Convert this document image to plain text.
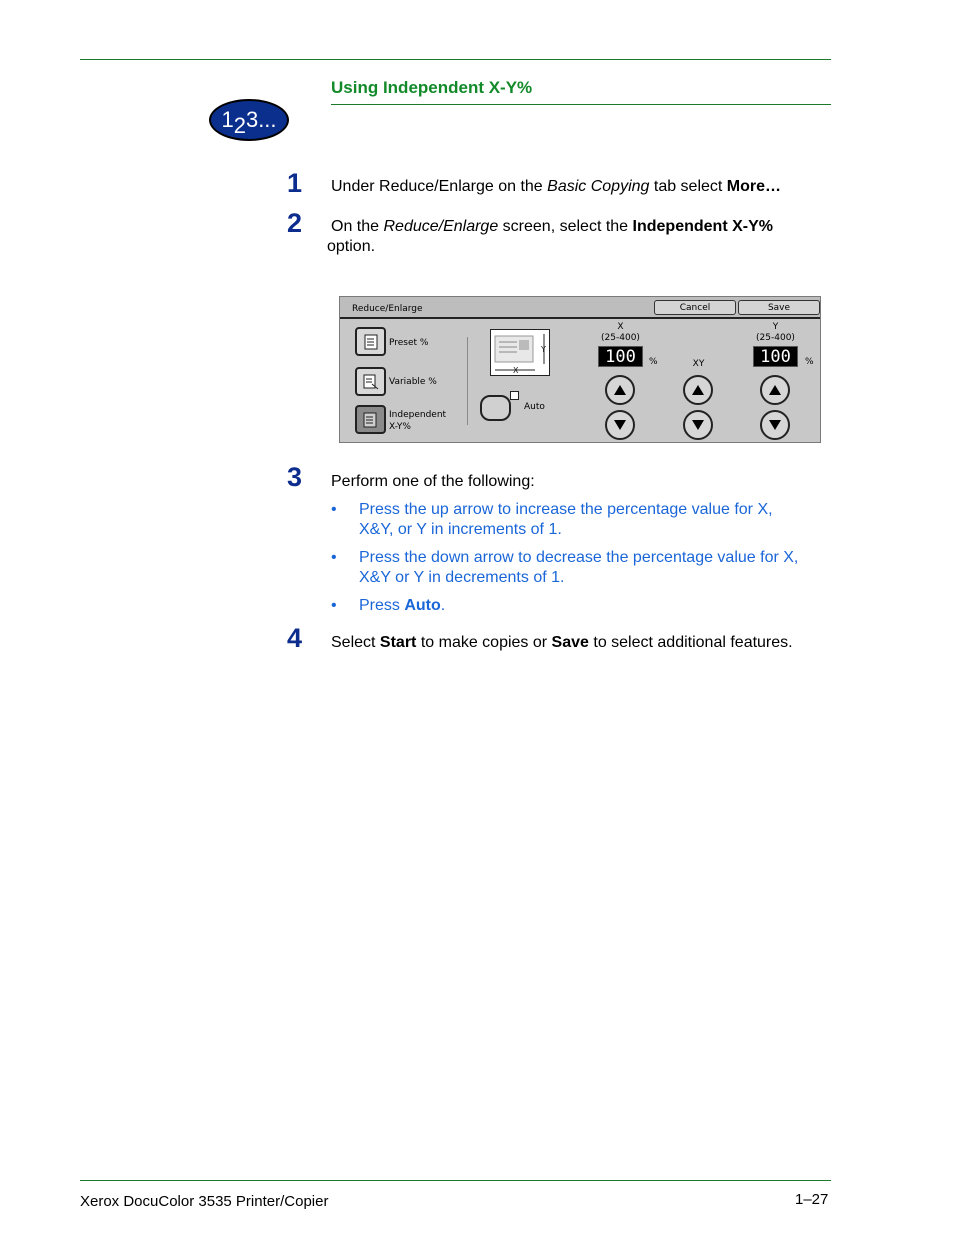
Using Independent X-Y%
1 2 3...
1 Under Reduce/Enlarge on the Basic Copying tab select More…
2 On the Reduce/Enlarge screen, select the Independent X-Y%
option.
Reduce/Enlarge	Cancel	Save
Preset %
Variable %
Independent
X-Y%
X
Y
Auto
X
(25-400)
100	%	XY
Y
(25-400)
100	%
3 Perform one of the following:
• Press the up arrow to increase the percentage value for X, X&Y, or Y in increments of 1.
• Press the down arrow to decrease the percentage value for X, X&Y or Y in decrements of 1.
• Press Auto.
4 Select Start to make copies or Save to select additional features.
Xerox DocuColor 3535 Printer/Copier	1–27
